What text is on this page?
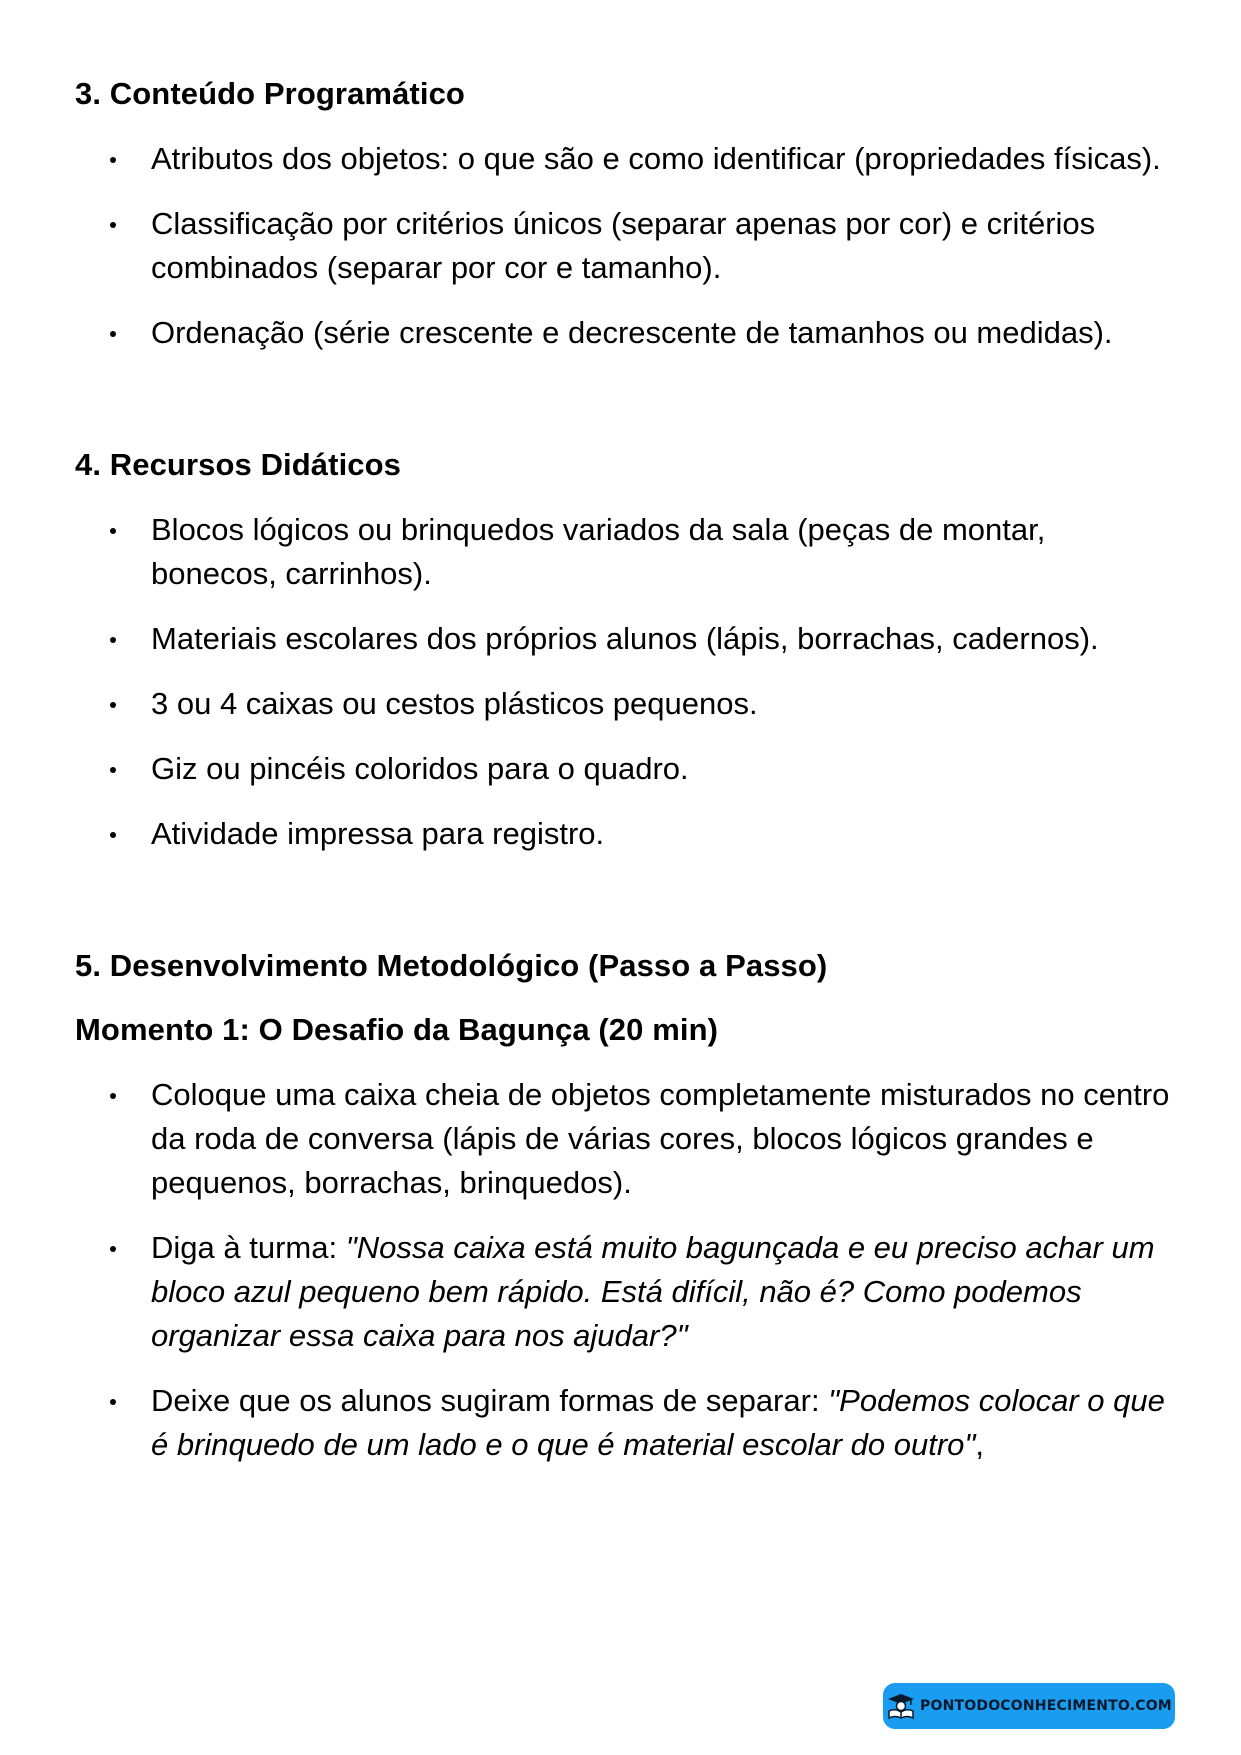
3. Conteúdo Programático
Atributos dos objetos: o que são e como identificar (propriedades físicas).
Classificação por critérios únicos (separar apenas por cor) e critérios combinados (separar por cor e tamanho).
Ordenação (série crescente e decrescente de tamanhos ou medidas).
4. Recursos Didáticos
Blocos lógicos ou brinquedos variados da sala (peças de montar, bonecos, carrinhos).
Materiais escolares dos próprios alunos (lápis, borrachas, cadernos).
3 ou 4 caixas ou cestos plásticos pequenos.
Giz ou pincéis coloridos para o quadro.
Atividade impressa para registro.
5. Desenvolvimento Metodológico (Passo a Passo)
Momento 1: O Desafio da Bagunça (20 min)
Coloque uma caixa cheia de objetos completamente misturados no centro da roda de conversa (lápis de várias cores, blocos lógicos grandes e pequenos, borrachas, brinquedos).
Diga à turma: "Nossa caixa está muito bagunçada e eu preciso achar um bloco azul pequeno bem rápido. Está difícil, não é? Como podemos organizar essa caixa para nos ajudar?"
Deixe que os alunos sugiram formas de separar: "Podemos colocar o que é brinquedo de um lado e o que é material escolar do outro",
PONTODOCONHECIMENTO.COM
